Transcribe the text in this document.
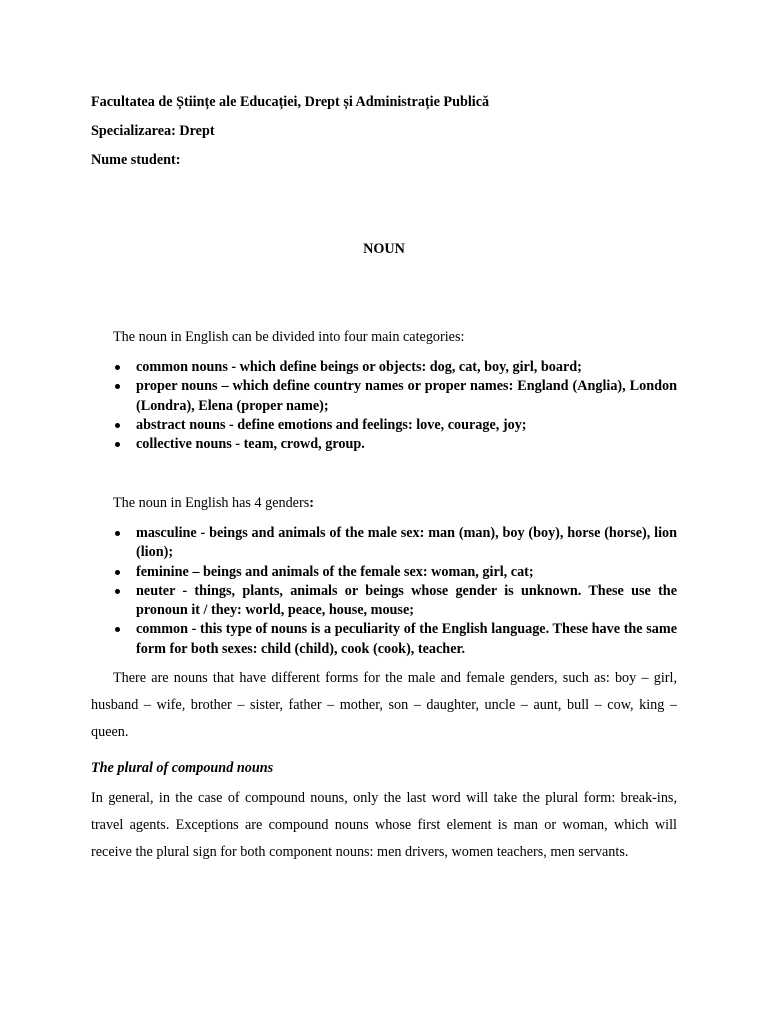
Facultatea de Științe ale Educației, Drept și Administrație Publică

Specializarea: Drept

Nume student:

NOUN

The noun in English can be divided into four main categories:

common nouns - which define beings or objects: dog, cat, boy, girl, board;
proper nouns – which define country names or proper names: England (Anglia), London (Londra), Elena (proper name);
abstract nouns - define emotions and feelings: love, courage, joy;
collective nouns - team, crowd, group.

The noun in English has 4 genders:

masculine - beings and animals of the male sex: man (man), boy (boy), horse (horse), lion (lion);
feminine – beings and animals of the female sex: woman, girl, cat;
neuter - things, plants, animals or beings whose gender is unknown. These use the pronoun it / they: world, peace, house, mouse;
common - this type of nouns is a peculiarity of the English language. These have the same form for both sexes: child (child), cook (cook), teacher.

There are nouns that have different forms for the male and female genders, such as: boy – girl, husband – wife, brother – sister, father – mother, son – daughter, uncle – aunt, bull – cow, king – queen.

The plural of compound nouns

In general, in the case of compound nouns, only the last word will take the plural form: break-ins, travel agents. Exceptions are compound nouns whose first element is man or woman, which will receive the plural sign for both component nouns: men drivers, women teachers, men servants.
